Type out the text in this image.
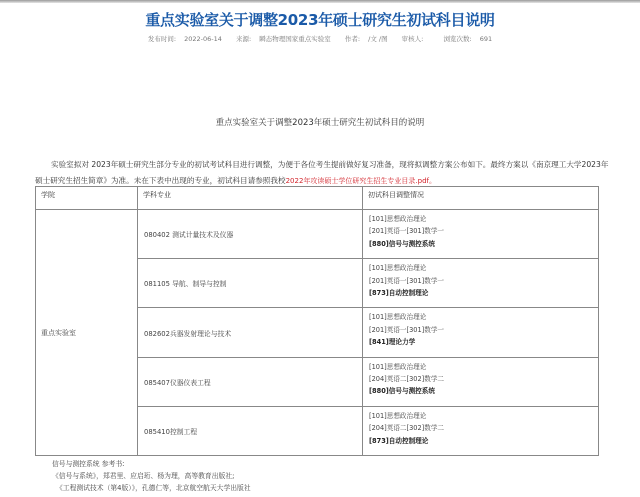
重点实验室关于调整2023年硕士研究生初试科目说明
发布时间: 2022-06-14 来源: 瞬态物理国家重点实验室 作者: /文 /图 审核人:	浏览次数: 691
重点实验室关于调整2023年硕士研究生初试科目的说明

实验室拟对 2023年硕士研究生部分专业的初试考试科目进行调整，为便于各位考生提前做好复习准备，现将拟调整方案公布如下。最终方案以《南京理工大学2023年硕士研究生招生简章》为准。未在下表中出现的专业，初试科目请参照我校2022年攻读硕士学位研究生招生专业目录.pdf。

学院	学科专业	初试科目调整情况
重点实验室	080402 测试计量技术及仪器	[101]思想政治理论
[201]英语一[301]数学一
[880]信号与测控系统

	081105 导航、制导与控制	[101]思想政治理论
[201]英语一[301]数学一
[873]自动控制理论

	082602兵器发射理论与技术	[101]思想政治理论
[201]英语一[301]数学一
[841]理论力学

	085407仪器仪表工程	[101]思想政治理论
[204]英语二[302]数学二
[880]信号与测控系统

	085410控制工程	[101]思想政治理论
[204]英语二[302]数学二
[873]自动控制理论
信号与测控系统 参考书:
《信号与系统》，郑君里、应启珩、杨为理，高等教育出版社;
《工程测试技术（第4版）》，孔德仁等，北京航空航天大学出版社
